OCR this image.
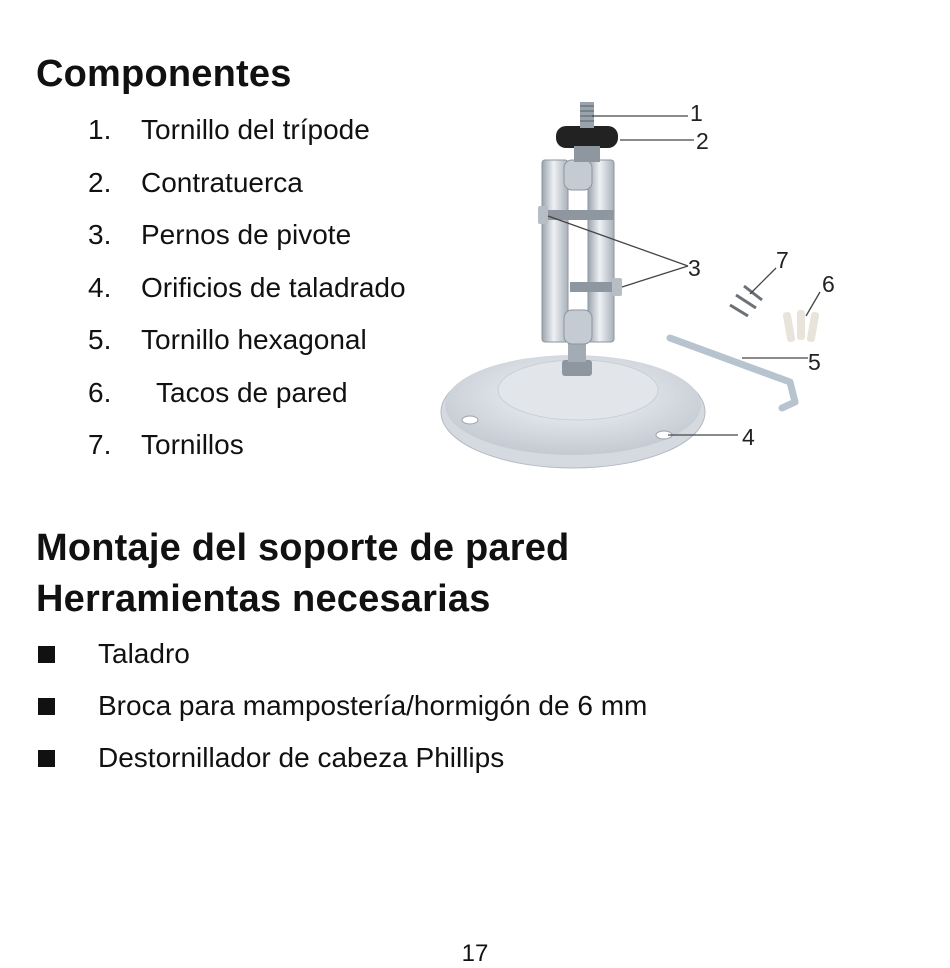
Componentes
1.	Tornillo del trípode
2.	Contratuerca
3.	Pernos de pivote
4.	Orificios de taladrado
5.	Tornillo hexagonal
6.	Tacos de pared
7.	Tornillos
1
2
3
4
5
6
7
Montaje del soporte de pared
Herramientas necesarias
Taladro
Broca para mampostería/hormigón de 6 mm
Destornillador de cabeza Phillips
17
